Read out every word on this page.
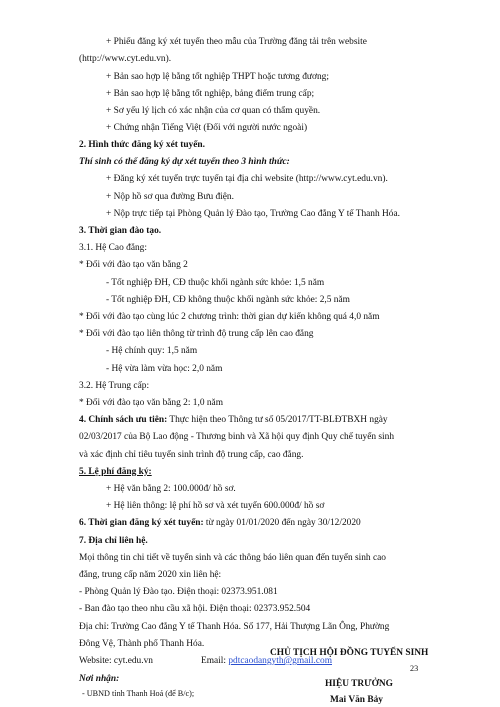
+ Phiếu đăng ký xét tuyển theo mẫu của Trường đăng tải trên website
(http://www.cyt.edu.vn).
+ Bản sao hợp lệ bằng tốt nghiệp THPT hoặc tương đương;
+ Bản sao hợp lệ bằng tốt nghiệp, bảng điểm trung cấp;
+ Sơ yếu lý lịch có xác nhận của cơ quan có thẩm quyền.
+ Chứng nhận Tiếng Việt (Đối với người nước ngoài)
2. Hình thức đăng ký xét tuyển.
Thí sinh có thể đăng ký dự xét tuyển theo 3 hình thức:
+ Đăng ký xét tuyển trực tuyến tại địa chỉ website (http://www.cyt.edu.vn).
+ Nộp hồ sơ qua đường Bưu điện.
+ Nộp trực tiếp tại Phòng Quản lý Đào tạo, Trường Cao đẳng Y tế Thanh Hóa.
3. Thời gian đào tạo.
3.1. Hệ Cao đẳng:
* Đối với đào tạo văn bằng 2
- Tốt nghiệp ĐH, CĐ thuộc khối ngành sức khỏe: 1,5 năm
- Tốt nghiệp ĐH, CĐ không thuộc khối ngành sức khỏe: 2,5 năm
* Đối với đào tạo cùng lúc 2 chương trình: thời gian dự kiến không quá 4,0 năm
* Đối với đào tạo liên thông từ trình độ trung cấp lên cao đẳng
- Hệ chính quy: 1,5 năm
- Hệ vừa làm vừa học: 2,0 năm
3.2. Hệ Trung cấp:
* Đối với đào tạo văn bằng 2: 1,0 năm
4. Chính sách ưu tiên: Thực hiện theo Thông tư số 05/2017/TT-BLĐTBXH ngày
02/03/2017 của Bộ Lao động - Thương binh và Xã hội quy định Quy chế tuyển sinh
và xác định chỉ tiêu tuyển sinh trình độ trung cấp, cao đẳng.
5. Lệ phí đăng ký:
+ Hệ văn bằng 2: 100.000đ/ hồ sơ.
+ Hệ liên thông: lệ phí hồ sơ và xét tuyển 600.000đ/ hồ sơ
6. Thời gian đăng ký xét tuyển: từ ngày 01/01/2020 đến ngày 30/12/2020
7. Địa chỉ liên hệ.
Mọi thông tin chi tiết về tuyển sinh và các thông báo liên quan đến tuyển sinh cao
đẳng, trung cấp năm 2020 xin liên hệ:
- Phòng Quản lý Đào tạo. Điện thoại: 02373.951.081
- Ban đào tạo theo nhu cầu xã hội. Điện thoại: 02373.952.504
Địa chỉ: Trường Cao đẳng Y tế Thanh Hóa. Số 177, Hải Thượng Lãn Ông, Phường
Đông Vệ, Thành phố Thanh Hóa.
Website: cyt.edu.vn	Email: pdtcaodangyth@gmail.com
CHỦ TỊCH HỘI ĐỒNG TUYỂN SINH
Nơi nhận:
- UBND tỉnh Thanh Hoá (để B/c);
23
HIỆU TRƯỞNG
Mai Văn Bảy
